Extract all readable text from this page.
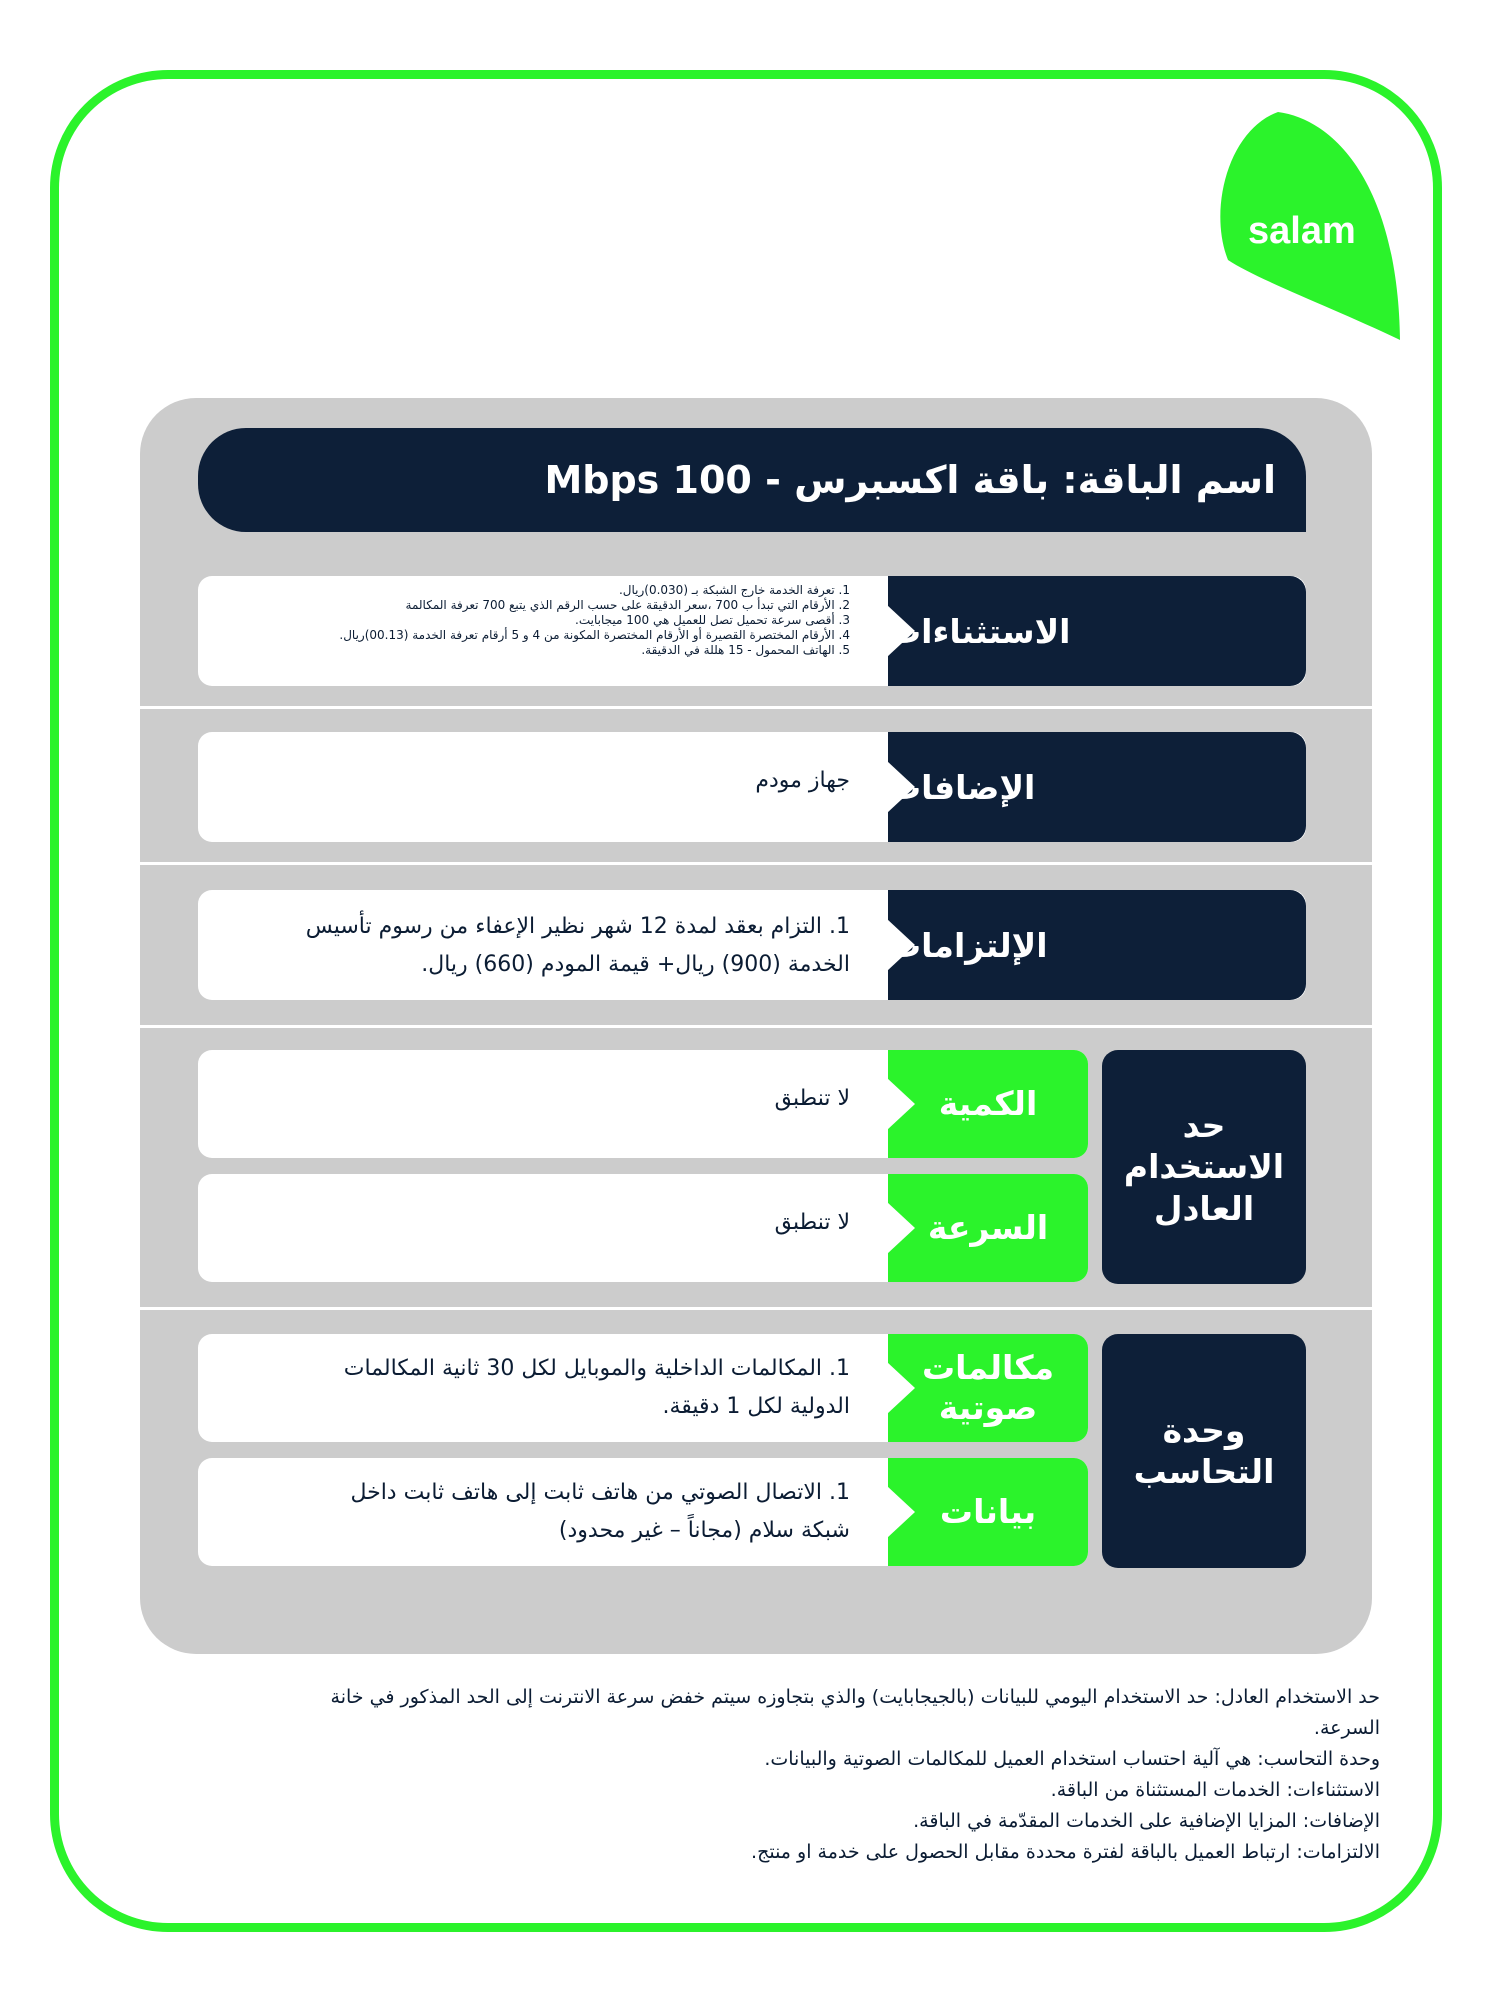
salam
اسم الباقة: باقة اكسبرس - 100 Mbps
الاستثناءات
1. تعرفة الخدمة خارج الشبكة بـ (0.030)ريال.
2. الأرقام التي تبدأ ب 700 ،سعر الدقيقة على حسب الرقم الذي يتبع 700 تعرفة المكالمة
3. أقصى سرعة تحميل تصل للعميل هي 100 ميجابايت.
4. الأرقام المختصرة القصيرة أو الأرقام المختصرة المكونة من 4 و 5 أرقام تعرفة الخدمة (00.13)ريال.
5. الهاتف المحمول - 15 هللة في الدقيقة.
الإضافات
جهاز مودم
الإلتزامات
1. التزام بعقد لمدة 12 شهر نظير الإعفاء من رسوم تأسيس
الخدمة (900) ريال+ قيمة المودم (660) ريال.
حد
الاستخدام
العادل
الكمية
لا تنطبق
السرعة
لا تنطبق
وحدة
التحاسب
مكالمات
صوتية
1. المكالمات الداخلية والموبايل لكل 30 ثانية المكالمات
الدولية لكل 1 دقيقة.
بيانات
1. الاتصال الصوتي من هاتف ثابت إلى هاتف ثابت داخل
شبكة سلام (مجاناً – غير محدود)
حد الاستخدام العادل: حد الاستخدام اليومي للبيانات (بالجيجابايت) والذي بتجاوزه سيتم خفض سرعة الانترنت إلى الحد المذكور في خانة
السرعة.
وحدة التحاسب: هي آلية احتساب استخدام العميل للمكالمات الصوتية والبيانات.
الاستثناءات: الخدمات المستثناة من الباقة.
الإضافات: المزايا الإضافية على الخدمات المقدّمة في الباقة.
الالتزامات: ارتباط العميل بالباقة لفترة محددة مقابل الحصول على خدمة او منتج.
